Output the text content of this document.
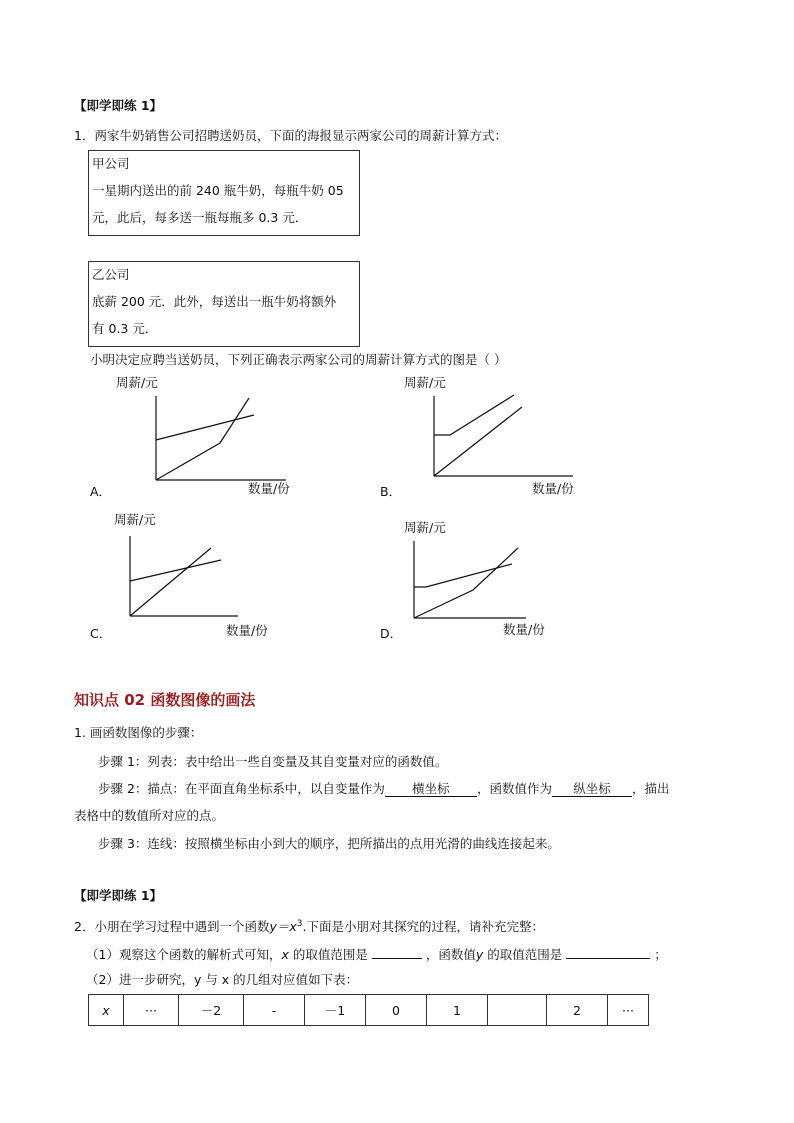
【即学即练 1】
1．两家牛奶销售公司招聘送奶员，下面的海报显示两家公司的周薪计算方式：
甲公司
一星期内送出的前 240 瓶牛奶，每瓶牛奶 05
元，此后，每多送一瓶每瓶多 0.3 元．
乙公司
底薪 200 元．此外，每送出一瓶牛奶将额外
有 0.3 元．
小明决定应聘当送奶员，下列正确表示两家公司的周薪计算方式的图是（ ）
周薪/元
数量/份
A．
周薪/元
数量/份
B．
周薪/元
数量/份
C．
周薪/元
数量/份
D．
知识点 02 函数图像的画法
1. 画函数图像的步骤：
步骤 1：列表：表中给出一些自变量及其自变量对应的函数值。
步骤 2：描点：在平面直角坐标系中，以自变量作为 横坐标 ，函数值作为 纵坐标 ，描出
表格中的数值所对应的点。
步骤 3：连线：按照横坐标由小到大的顺序，把所描出的点用光滑的曲线连接起来。
【即学即练 1】
2．小朋在学习过程中遇到一个函数$y=x^3$.下面是小朋对其探究的过程，请补充完整：
（1）观察这个函数的解析式可知，x 的取值范围是	，函数值y 的取值范围是	；
（2）进一步研究，y 与 x 的几组对应值如下表：
x	···	－2	-	－1	0	1		2	···
